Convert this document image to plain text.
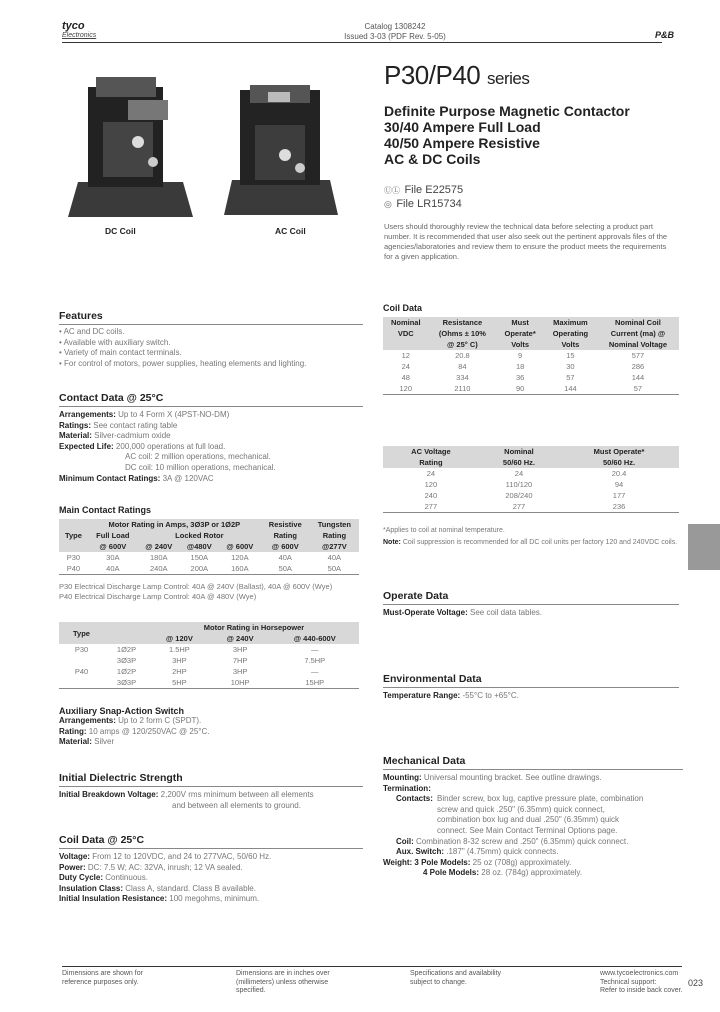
tyco
Electronics
Catalog 1308242
Issued 3-03 (PDF Rev. 5-05)	P&B
DC Coil	AC Coil
P30/P40 series
Definite Purpose Magnetic Contactor
30/40 Ampere Full Load
40/50 Ampere Resistive
AC & DC Coils
ⓊⓁ File E22575
◎ File LR15734
Users should thoroughly review the technical data before selecting a product part number. It is recommended that user also seek out the pertinent approvals files of the agencies/laboratories and review them to ensure the product meets the requirements for a given application.
Features
• AC and DC coils.
• Available with auxiliary switch.
• Variety of main contact terminals.
• For control of motors, power supplies, heating elements and lighting.
Contact Data @ 25°C
Arrangements: Up to 4 Form X (4PST-NO-DM)
Ratings: See contact rating table
Material: Silver-cadmium oxide
Expected Life: 200,000 operations at full load.
AC coil: 2 million operations, mechanical.
DC coil: 10 million operations, mechanical.
Minimum Contact Ratings: 3A @ 120VAC
Main Contact Ratings
Type	Motor Rating in Amps, 3Ø3P or 1Ø2P				Resistive	Tungsten
	Full Load	Locked Rotor			Rating	Rating
	@ 600V	@ 240V	@480V	@ 600V	@ 600V	@277V
P30	30A	180A	150A	120A	40A	40A
P40	40A	240A	200A	160A	50A	50A
P30 Electrical Discharge Lamp Control: 40A @ 240V (Ballast), 40A @ 600V (Wye)
P40 Electrical Discharge Lamp Control: 40A @ 480V (Wye)
Type		Motor Rating in Horsepower		
		@ 120V	@ 240V	@ 440-600V
P30	1Ø2P	1.5HP	3HP	—
	3Ø3P	3HP	7HP	7.5HP
P40	1Ø2P	2HP	3HP	—
	3Ø3P	5HP	10HP	15HP
Auxiliary Snap-Action Switch
Arrangements: Up to 2 form C (SPDT).
Rating: 10 amps @ 120/250VAC @ 25°C.
Material: Silver
Initial Dielectric Strength
Initial Breakdown Voltage: 2,200V rms minimum between all elements
and between all elements to ground.
Coil Data @ 25°C
Voltage: From 12 to 120VDC, and 24 to 277VAC, 50/60 Hz.
Power: DC: 7.5 W; AC: 32VA, inrush; 12 VA sealed.
Duty Cycle: Continuous.
Insulation Class: Class A, standard. Class B available.
Initial Insulation Resistance: 100 megohms, minimum.
Coil Data
Nominal	Resistance	Must	Maximum	Nominal Coil
VDC	(Ohms ± 10%	Operate*	Operating	Current (ma) @
	@ 25° C)	Volts	Volts	Nominal Voltage
12	20.8	9	15	577
24	84	18	30	286
48	334	36	57	144
120	2110	90	144	57
AC Voltage	Nominal	Must Operate*
Rating	50/60 Hz.	50/60 Hz.
24	24	20.4
120	110/120	94
240	208/240	177
277	277	236
*Applies to coil at nominal temperature.
Note: Coil suppression is recommended for all DC coil units per factory 120 and 240VDC coils.
Operate Data
Must-Operate Voltage: See coil data tables.
Environmental Data
Temperature Range: -55°C to +65°C.
Mechanical Data
Mounting: Universal mounting bracket. See outline drawings.
Termination:
Contacts: Binder screw, box lug, captive pressure plate, combination
screw and quick .250" (6.35mm) quick connect,
combination box lug and dual .250" (6.35mm) quick
connect. See Main Contact Terminal Options page.
Coil: Combination 8-32 screw and .250" (6.35mm) quick connect.
Aux. Switch: .187" (4.75mm) quick connects.
Weight: 3 Pole Models: 25 oz (708g) approximately.
4 Pole Models: 28 oz. (784g) approximately.
Dimensions are shown for
reference purposes only.
Dimensions are in inches over
(millimeters) unless otherwise
specified.
Specifications and availability
subject to change.
www.tycoelectronics.com
Technical support:
Refer to inside back cover.
023
